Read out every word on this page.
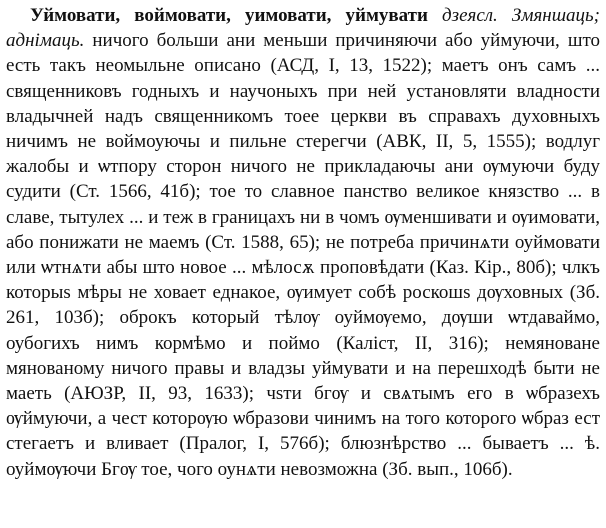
Уймовати, воймовати, уимовати, уймувати дзеясл. Змяншаць; аднімаць. ничого больши ани меньши причиняючи або уймуючи, што есть такъ неомыльне описано (АСД, I, 13, 1522); маетъ онъ самъ ... священниковъ годныхъ и научоныхъ при ней установляти владности владычней надъ священникомъ тоее церкви въ справахъ духовныхъ ничимъ не воймоуючы и пильне стерегчи (АВК, II, 5, 1555); водлуг жалобы и ѡтпору сторон ничого не прикладаючы ани ѹмуючи буду судити (Ст. 1566, 41б); тое то славное панство великое князство ... в славе, тытулех ... и теж в границахъ ни в чомъ ѹменшивати и ѹимовати, або понижати не маемъ (Ст. 1588, 65); не потреба причинѧти оуймовати или ѡтнѧти абы што новое ... мѣлосѫ проповѣдати (Каз. Кір., 80б); члкъ которыѕ мѣры не ховает еднакое, ѹимует собѣ роскошѕ дѹховных (Зб. 261, 103б); оброкъ который тѣлѹ оуймѹемо, дѹши ѡтдаваймо, оубогихъ нимъ кормѣмо и поймо (Каліст, II, 316); немяноване мянованому ничого правы и владзы уймувати и на перешходѣ быти не маеть (АЮЗР, II, 93, 1633); чѕти бгѹ и свѧтымъ его в ѡбразехъ ѹймуючи, а чест которѹю ѡбразови чинимъ на того которого ѡбраз ест стегаетъ и вливает (Пралог, I, 576б); блюзнѣрство ... бываетъ ... ѣ. оуймѹючи Бгѹ тое, чого оунѧти невозможна (Зб. вып., 106б).
